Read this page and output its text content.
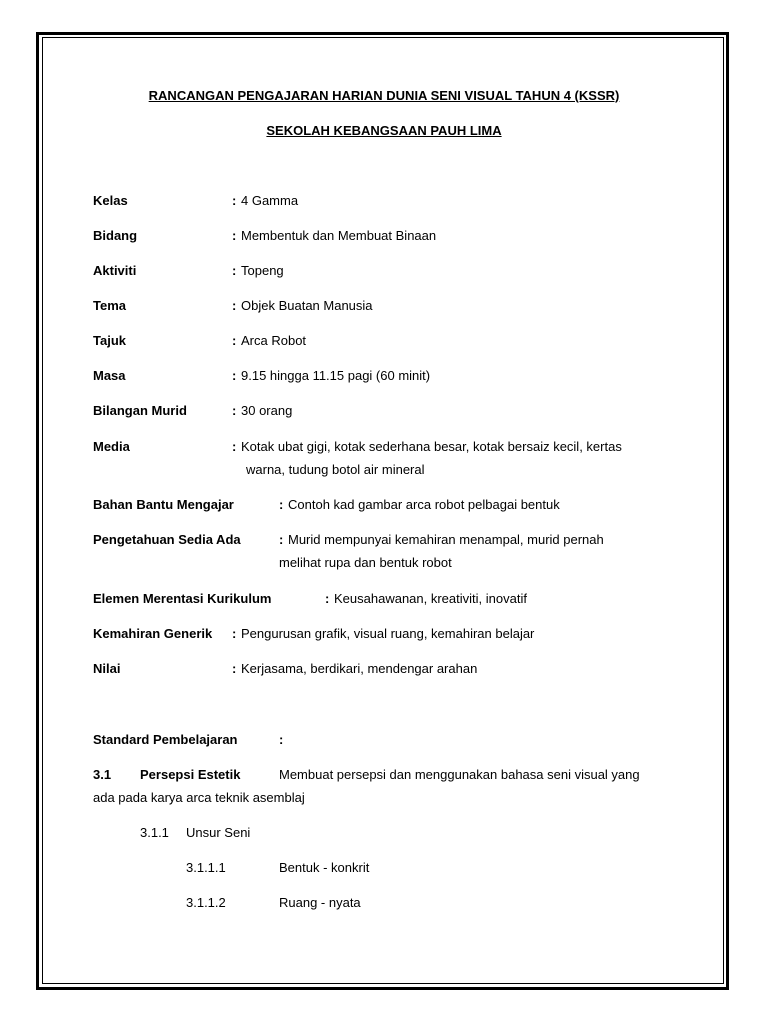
RANCANGAN PENGAJARAN HARIAN DUNIA SENI VISUAL TAHUN 4 (KSSR)
SEKOLAH KEBANGSAAN PAUH LIMA
Kelas	: 4 Gamma
Bidang	: Membentuk dan Membuat Binaan
Aktiviti	: Topeng
Tema	: Objek Buatan Manusia
Tajuk	: Arca Robot
Masa	: 9.15 hingga 11.15 pagi (60 minit)
Bilangan Murid	: 30 orang
Media	: Kotak ubat gigi, kotak sederhana besar, kotak bersaiz kecil, kertas
warna, tudung botol air mineral
Bahan Bantu Mengajar	: Contoh kad gambar arca robot pelbagai bentuk
Pengetahuan Sedia Ada	: Murid mempunyai kemahiran menampal, murid pernah
melihat rupa dan bentuk robot
Elemen Merentasi Kurikulum	: Keusahawanan, kreativiti, inovatif
Kemahiran Generik : Pengurusan grafik, visual ruang, kemahiran belajar
Nilai	: Kerjasama, berdikari, mendengar arahan
Standard Pembelajaran	:
3.1 Persepsi Estetik	Membuat persepsi dan menggunakan bahasa seni visual yang
ada pada karya arca teknik asemblaj
3.1.1 Unsur Seni
3.1.1.1	Bentuk - konkrit
3.1.1.2	Ruang - nyata
